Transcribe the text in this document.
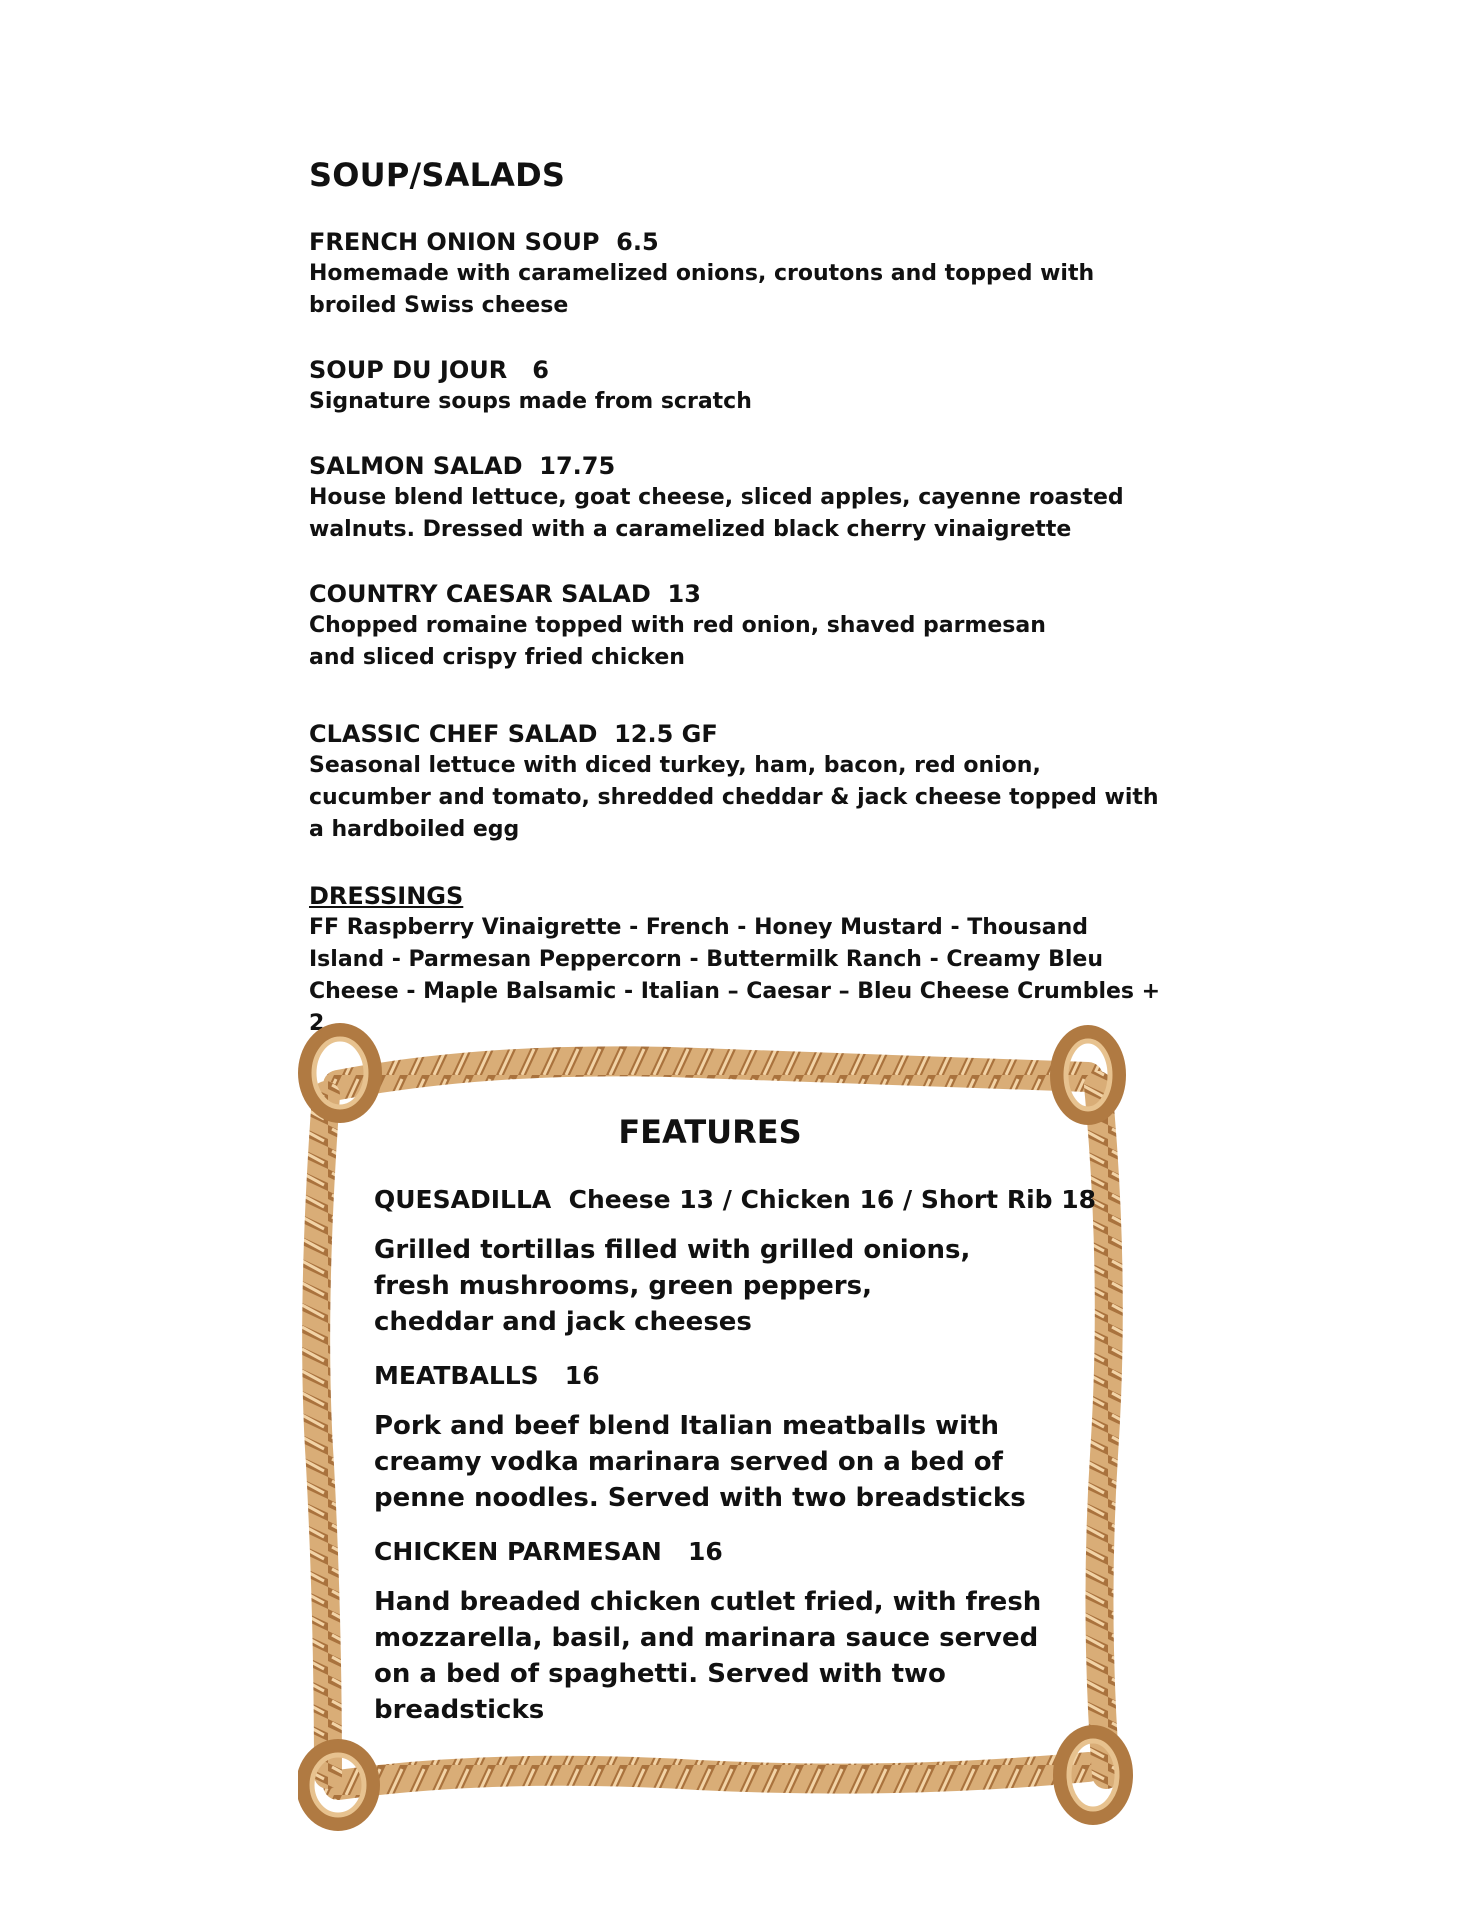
SOUP/SALADS
FRENCH ONION SOUP  6.5
Homemade with caramelized onions, croutons and topped with broiled Swiss cheese
SOUP DU JOUR   6
Signature soups made from scratch
SALMON SALAD  17.75
House blend lettuce, goat cheese, sliced apples, cayenne roasted walnuts. Dressed with a caramelized black cherry vinaigrette
COUNTRY CAESAR SALAD  13
Chopped romaine topped with red onion, shaved parmesan and sliced crispy fried chicken
CLASSIC CHEF SALAD  12.5 GF
Seasonal lettuce with diced turkey, ham, bacon, red onion, cucumber and tomato, shredded cheddar & jack cheese topped with a hardboiled egg
DRESSINGS
FF Raspberry Vinaigrette - French - Honey Mustard - Thousand Island - Parmesan Peppercorn - Buttermilk Ranch - Creamy Bleu Cheese - Maple Balsamic - Italian – Caesar – Bleu Cheese Crumbles + 2
FEATURES
QUESADILLA  Cheese 13 / Chicken 16 / Short Rib 18
Grilled tortillas filled with grilled onions, fresh mushrooms, green peppers, cheddar and jack cheeses
MEATBALLS   16
Pork and beef blend Italian meatballs with creamy vodka marinara served on a bed of penne noodles. Served with two breadsticks
CHICKEN PARMESAN   16
Hand breaded chicken cutlet fried, with fresh mozzarella, basil, and marinara sauce served on a bed of spaghetti. Served with two breadsticks
